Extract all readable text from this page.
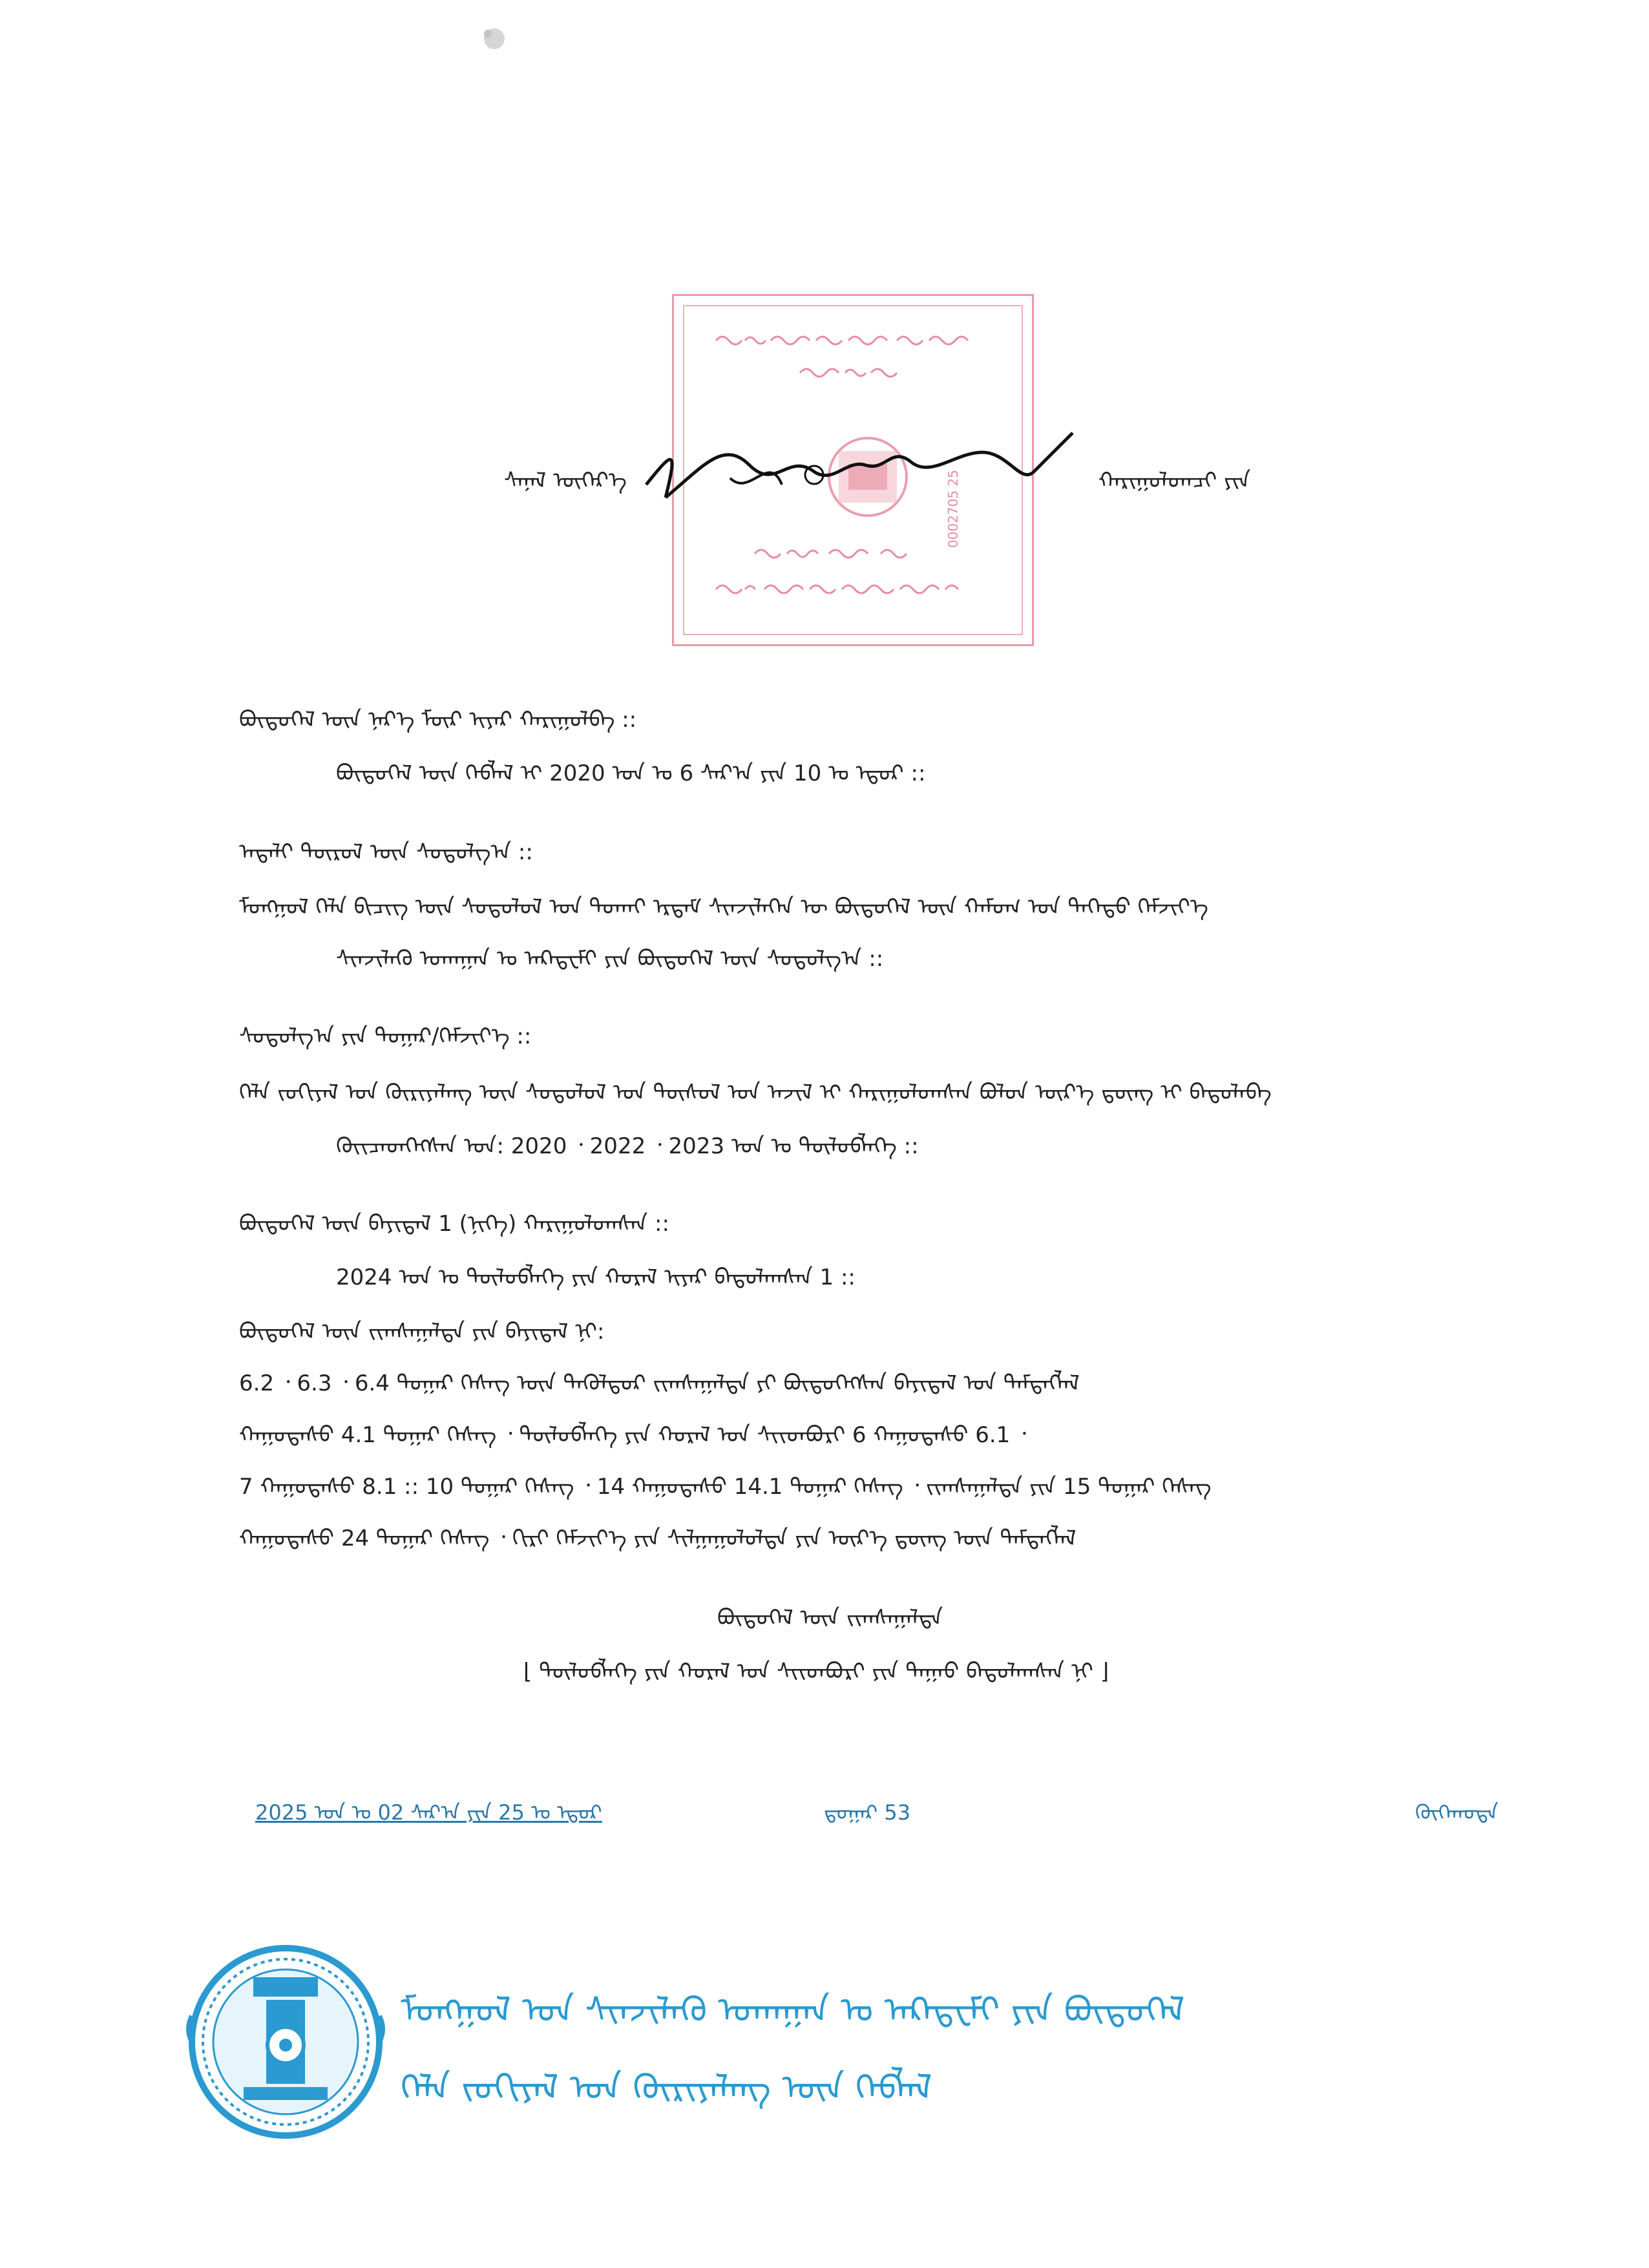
0002705 25
ᠰᠠᠨᠠᠯ ᠦᠭᠡᠷ᠎ᠡ	ᠬᠠᠷᠢᠭᠤᠯᠤᠭᠴᠢ ᠶᠢᠨ
ᠪᠦᠲᠦᠭᠡᠯ ᠦᠨ ᠨᠡᠷ᠎ᠡ ᠮᠥᠷ ᠢᠶᠡᠷ ᠬᠠᠷᠢᠭᠤᠯᠪᠠ ::
ᠪᠦᠲᠦᠭᠡᠯ ᠦᠨ ᠬᠡᠪᠯᠡᠯ ᠢ 2020 ᠣᠨ ᠤ 6 ᠰᠠᠷ᠎ᠠ ᠶᠢᠨ 10 ᠤ ᠡᠳᠦᠷ ::
ᠠᠳᠠᠯᠢ ᠲᠥᠷᠦᠯ ᠦᠨ ᠰᠤᠳᠤᠯᠭ᠎ᠠ ::
ᠮᠣᠩᠭᠣᠯ ᠬᠡᠯᠡ ᠪᠢᠴᠢᠭ ᠦᠨ ᠰᠤᠳᠤᠯᠤᠯ ᠤᠨ ᠲᠤᠬᠠᠢ ᠡᠷᠳᠡᠮ ᠰᠢᠨᠵᠢᠯᠡᠭᠡᠨ ᠦ ᠪᠦᠲᠦᠭᠡᠯ ᠦᠨ ᠬᠠᠮᠤᠭ ᠤᠨ ᠳᠡᠭᠡᠳᠦ ᠬᠡᠮᠵᠢᠶ᠎ᠡ
ᠰᠢᠨᠵᠢᠯᠡᠬᠦ ᠤᠬᠠᠭᠠᠨ ᠤ ᠠᠺᠠᠳ᠋ᠸᠮᠢ ᠶᠢᠨ ᠪᠦᠲᠦᠭᠡᠯ ᠦᠨ ᠰᠤᠳᠤᠯᠭ᠎ᠠ ::
ᠰᠤᠳᠤᠯᠭ᠎ᠠ ᠶᠢᠨ ᠳᠤᠭᠠᠷ/ᠬᠡᠮᠵᠢᠶ᠎ᠡ ::
ᠬᠡᠯᠡ ᠵᠣᠬᠢᠶᠠᠯ ᠤᠨ ᠬᠦᠷᠢᠶᠡᠯᠡᠩ ᠦᠨ ᠰᠤᠳᠤᠯᠤᠯ ᠤᠨ ᠲᠥᠰᠥᠯ ᠤᠨ ᠠᠵᠢᠯ ᠢ ᠬᠠᠷᠢᠭᠤᠯᠤᠭᠰᠠᠨ ᠪᠣᠯᠤᠨ ᠦᠷ᠎ᠡ ᠳ᠋ᠦᠩ ᠢ ᠪᠠᠲᠤᠯᠠᠪᠠ
ᠭᠦᠢᠴᠡᠳᠭᠡᠭᠰᠡᠨ ᠣᠨ: 2020 ᠂ 2022 ᠂ 2023 ᠣᠨ ᠤ ᠲᠥᠯᠥᠪᠯᠡᠭᠡ ::
ᠪᠦᠲᠦᠭᠡᠯ ᠦᠨ ᠪᠠᠶᠢᠳᠠᠯ 1 (ᠨᠢᠭᠡ) ᠬᠠᠷᠢᠭᠤᠯᠤᠭᠰᠠᠨ ::
2024 ᠣᠨ ᠤ ᠲᠥᠯᠥᠪᠯᠡᠭᠡ ᠶᠢᠨ ᠬᠤᠷᠠᠯ ᠢᠶᠠᠷ ᠪᠠᠲᠤᠯᠠᠭᠰᠠᠨ 1 ::
ᠪᠦᠲᠦᠭᠡᠯ ᠦᠨ ᠵᠢᠭᠰᠠᠭᠠᠯᠲᠠ ᠶᠢᠨ ᠪᠠᠶᠢᠳᠠᠯ ᠨᠢ:
6.2 ᠂ 6.3 ᠂ 6.4 ᠳᠤᠭᠠᠷ ᠬᠡᠰᠡᠭ ᠦᠨ ᠲᠡᠭᠦᠯᠳᠦᠷ ᠵᠢᠭᠰᠠᠭᠠᠯᠲᠠ ᠶᠢ ᠪᠦᠲᠦᠭᠡᠭᠰᠡᠨ ᠪᠠᠶᠢᠳᠠᠯ ᠤᠨ ᠲᠡᠮᠳᠡᠭᠯᠡᠯ
ᠬᠠᠭᠤᠳᠠᠰᠤ 4.1 ᠳᠤᠭᠠᠷ ᠬᠡᠰᠡᠭ ᠂ ᠲᠥᠯᠥᠪᠯᠡᠭᠡ ᠶᠢᠨ ᠬᠤᠷᠠᠯ ᠤᠨ ᠰᠢᠢᠳᠪᠦᠷᠢ 6 ᠬᠠᠭᠤᠳᠠᠰᠤ 6.1 ᠂
7 ᠬᠠᠭᠤᠳᠠᠰᠤ 8.1 :: 10 ᠳᠤᠭᠠᠷ ᠬᠡᠰᠡᠭ ᠂ 14 ᠬᠠᠭᠤᠳᠠᠰᠤ 14.1 ᠳᠤᠭᠠᠷ ᠬᠡᠰᠡᠭ ᠂ ᠵᠢᠭᠰᠠᠭᠠᠯᠲᠠ ᠶᠢᠨ 15 ᠳᠤᠭᠠᠷ ᠬᠡᠰᠡᠭ
ᠬᠠᠭᠤᠳᠠᠰᠤ 24 ᠳᠤᠭᠠᠷ ᠬᠡᠰᠡᠭ ᠂ ᠬᠢᠷᠢ ᠬᠡᠮᠵᠢᠶ᠎ᠡ ᠶᠢᠨ ᠰᠢᠯᠭᠠᠭᠤᠯᠤᠯᠲᠠ ᠶᠢᠨ ᠦᠷ᠎ᠡ ᠳ᠋ᠦᠩ ᠦᠨ ᠲᠡᠮᠳᠡᠭᠯᠡᠯ
ᠪᠦᠲᠦᠭᠡᠯ ᠦᠨ ᠵᠢᠭᠰᠠᠭᠠᠯᠲᠠ
⌊ ᠲᠥᠯᠥᠪᠯᠡᠭᠡ ᠶᠢᠨ ᠬᠤᠷᠠᠯ ᠤᠨ ᠰᠢᠢᠳᠪᠦᠷᠢ ᠶᠢᠨ ᠳᠠᠭᠠᠤ ᠪᠠᠲᠤᠯᠠᠭᠰᠠᠨ ᠨᠢ ⌋
2025 ᠣᠨ ᠤ 02 ᠰᠠᠷ᠎ᠠ ᠶᠢᠨ 25 ᠤ ᠡᠳᠦᠷ	ᠳ᠋ᠤᠭᠠᠷ 53	ᠬᠥᠬᠡᠬᠣᠲᠠ
ᠮᠣᠩᠭᠣᠯ ᠤᠨ ᠰᠢᠨᠵᠢᠯᠡᠬᠦ ᠤᠬᠠᠭᠠᠨ ᠤ ᠠᠺᠠᠳ᠋ᠸᠮᠢ ᠶᠢᠨ ᠪᠦᠲᠦᠭᠡᠯ
ᠬᠡᠯᠡ ᠵᠣᠬᠢᠶᠠᠯ ᠤᠨ ᠬᠦᠷᠢᠶᠡᠯᠡᠩ ᠦᠨ ᠬᠡᠪᠯᠡᠯ
